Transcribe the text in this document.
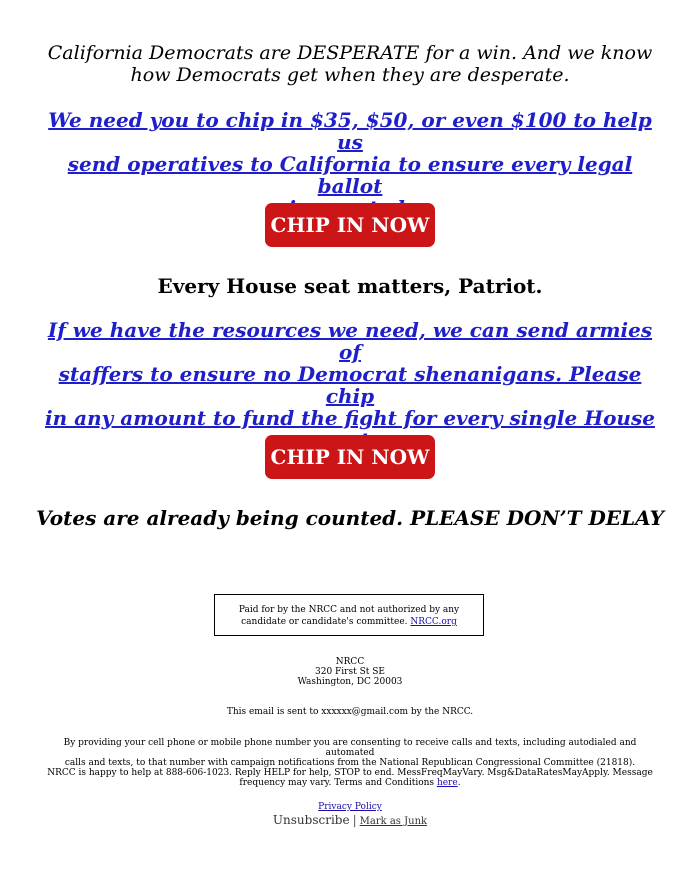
California Democrats are DESPERATE for a win. And we know
how Democrats get when they are desperate.
We need you to chip in $35, $50, or even $100 to help us
send operatives to California to ensure every legal ballot
CHIP IN NOW
Every House seat matters, Patriot.
If we have the resources we need, we can send armies of
staffers to ensure no Democrat shenanigans. Please chip
in any amount to fund the fight for every single House
CHIP IN NOW
Votes are already being counted. PLEASE DON’T DELAY
Paid for by the NRCC and not authorized by any
candidate or candidate's committee. NRCC.org
NRCC
320 First St SE
Washington, DC 20003
This email is sent to xxxxxx@gmail.com by the NRCC.
By providing your cell phone or mobile phone number you are consenting to receive calls and texts, including autodialed and automated
calls and texts, to that number with campaign notifications from the National Republican Congressional Committee (21818).
NRCC is happy to help at 888-606-1023. Reply HELP for help, STOP to end. MessFreqMayVary. Msg&DataRatesMayApply. Message
frequency may vary. Terms and Conditions here.
Privacy Policy
Unsubscribe | Mark as Junk
